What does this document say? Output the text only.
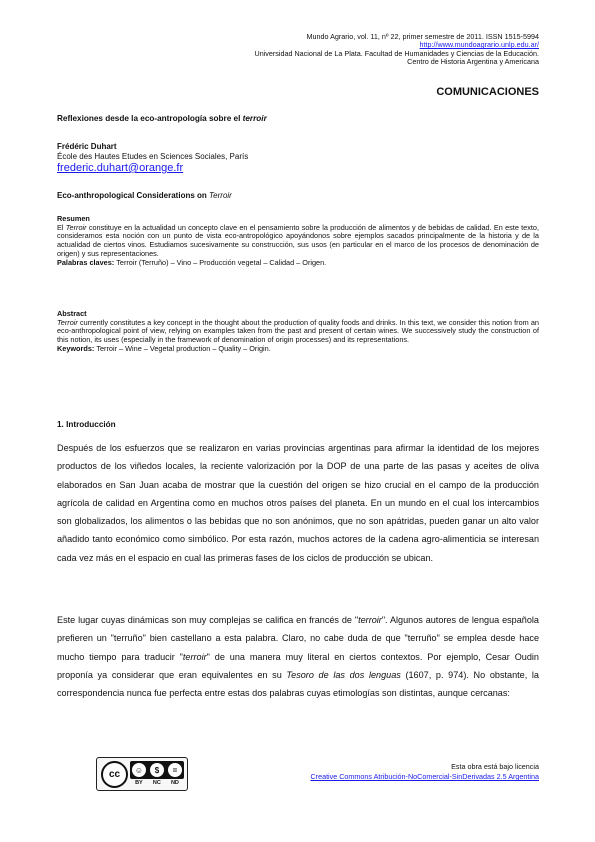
Mundo Agrario, vol. 11, nº 22, primer semestre de 2011. ISSN 1515-5994
http://www.mundoagrario.unlp.edu.ar/
Universidad Nacional de La Plata. Facultad de Humanidades y Ciencias de la Educación.
Centro de Historia Argentina y Americana
COMUNICACIONES
Reflexiones desde la eco-antropología sobre el terroir
Frédéric Duhart
École des Hautes Etudes en Sciences Sociales, París
frederic.duhart@orange.fr
Eco-anthropological Considerations on Terroir
Resumen
El Terroir constituye en la actualidad un concepto clave en el pensamiento sobre la producción de alimentos y de bebidas de calidad. En este texto, consideramos esta noción con un punto de vista eco-antropológico apoyándonos sobre ejemplos sacados principalmente de la historia y de la actualidad de ciertos vinos. Estudiamos sucesivamente su construcción, sus usos (en particular en el marco de los procesos de denominación de origen) y sus representaciones.
Palabras claves: Terroir (Terruño) – Vino – Producción vegetal – Calidad – Origen.
Abstract
Terroir currently constitutes a key concept in the thought about the production of quality foods and drinks. In this text, we consider this notion from an eco-anthropological point of view, relying on examples taken from the past and present of certain wines. We successively study the construction of this notion, its uses (especially in the framework of denomination of origin processes) and its representations.
Keywords: Terroir – Wine – Vegetal production – Quality – Origin.
1. Introducción
Después de los esfuerzos que se realizaron en varias provincias argentinas para afirmar la identidad de los mejores productos de los viñedos locales, la reciente valorización por la DOP de una parte de las pasas y aceites de oliva elaborados en San Juan acaba de mostrar que la cuestión del origen se hizo crucial en el campo de la producción agrícola de calidad en Argentina como en muchos otros países del planeta. En un mundo en el cual los intercambios son globalizados, los alimentos o las bebidas que no son anónimos, que no son apátridas, pueden ganar un alto valor añadido tanto económico como simbólico. Por esta razón, muchos actores de la cadena agro-alimenticia se interesan cada vez más en el espacio en cual las primeras fases de los ciclos de producción se ubican.
Este lugar cuyas dinámicas son muy complejas se califica en francés de "terroir". Algunos autores de lengua española prefieren un "terruño" bien castellano a esta palabra. Claro, no cabe duda de que "terruño" se emplea desde hace mucho tiempo para traducir "terroir" de una manera muy literal en ciertos contextos. Por ejemplo, Cesar Oudin proponía ya considerar que eran equivalentes en su Tesoro de las dos lenguas (1607, p. 974). No obstante, la correspondencia nunca fue perfecta entre estas dos palabras cuyas etimologías son distintas, aunque cercanas:
cc	☺	$	=
BY NC ND
Esta obra está bajo licencia
Creative Commons Atribución-NoComercial-SinDerivadas 2.5 Argentina
